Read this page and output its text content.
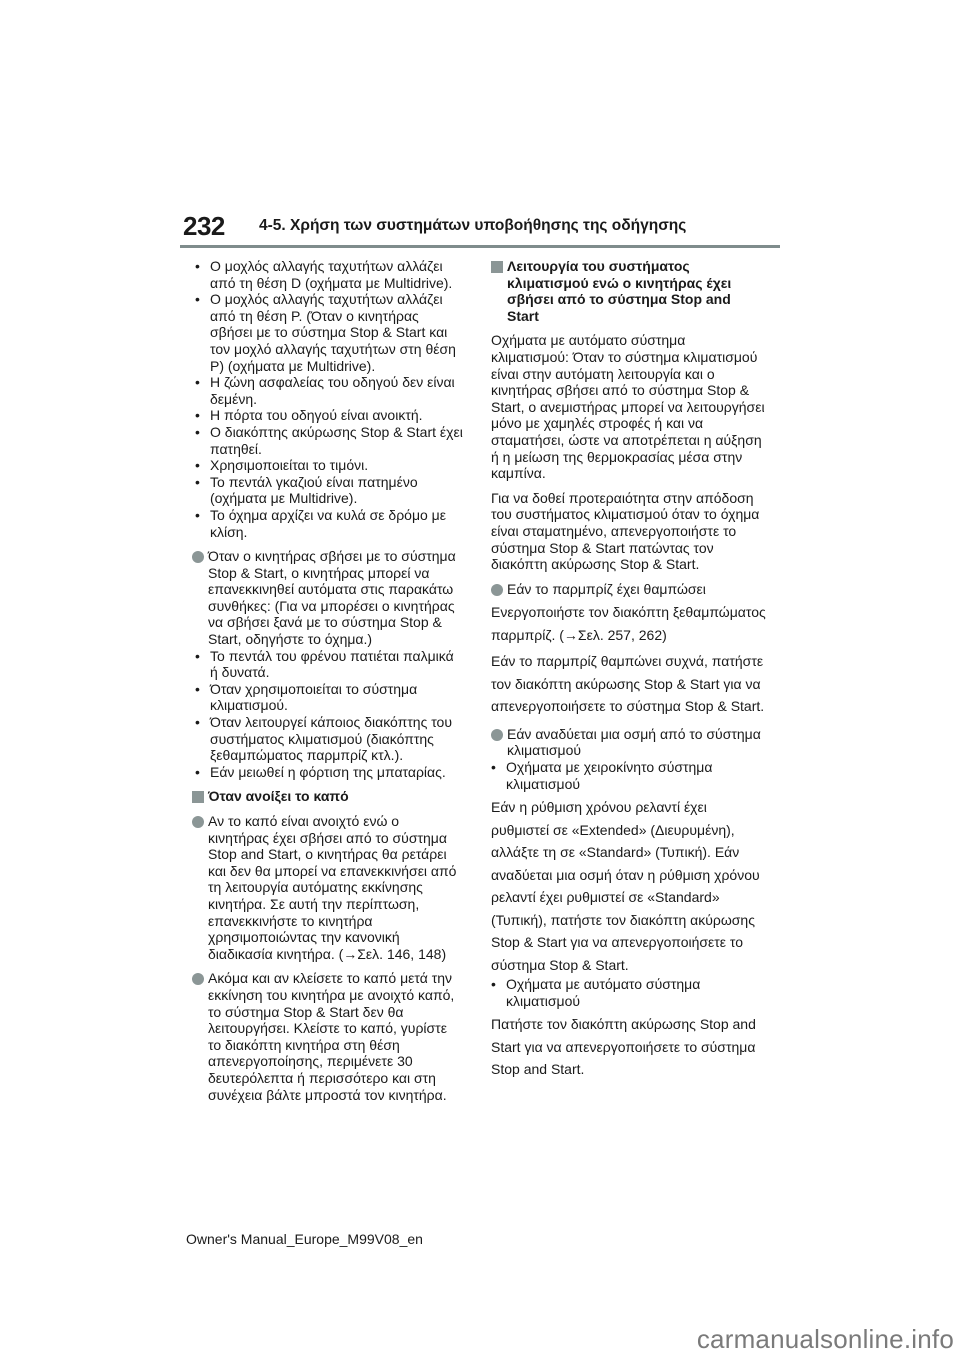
232 4-5. Χρήση των συστημάτων υποβοήθησης της οδήγησης
• Ο μοχλός αλλαγής ταχυτήτων αλλάζει από τη θέση D (οχήματα με Multidrive).
• Ο μοχλός αλλαγής ταχυτήτων αλλάζει από τη θέση P. (Όταν ο κινητήρας σβήσει με το σύστημα Stop & Start και τον μοχλό αλλαγής ταχυτήτων στη θέση P) (οχήματα με Multidrive).
• Η ζώνη ασφαλείας του οδηγού δεν είναι δεμένη.
• Η πόρτα του οδηγού είναι ανοικτή.
• Ο διακόπτης ακύρωσης Stop & Start έχει πατηθεί.
• Χρησιμοποιείται το τιμόνι.
• Το πεντάλ γκαζιού είναι πατημένο (οχήματα με Multidrive).
• Το όχημα αρχίζει να κυλά σε δρόμο με κλίση.
Όταν ο κινητήρας σβήσει με το σύστημα Stop & Start, ο κινητήρας μπορεί να επανεκκινηθεί αυτόματα στις παρακάτω συνθήκες: (Για να μπορέσει ο κινητήρας να σβήσει ξανά με το σύστημα Stop & Start, οδηγήστε το όχημα.)
• Το πεντάλ του φρένου πατιέται παλμικά ή δυνατά.
• Όταν χρησιμοποιείται το σύστημα κλιματισμού.
• Όταν λειτουργεί κάποιος διακόπτης του συστήματος κλιματισμού (διακόπτης ξεθαμπώματος παρμπρίζ κτλ.).
• Εάν μειωθεί η φόρτιση της μπαταρίας.
Όταν ανοίξει το καπό
Αν το καπό είναι ανοιχτό ενώ ο κινητήρας έχει σβήσει από το σύστημα Stop and Start, ο κινητήρας θα ρετάρει και δεν θα μπορεί να επανεκκινήσει από τη λειτουργία αυτόματης εκκίνησης κινητήρα. Σε αυτή την περίπτωση, επανεκκινήστε το κινητήρα χρησιμοποιώντας την κανονική διαδικασία κινητήρα. (→Σελ. 146, 148)
Ακόμα και αν κλείσετε το καπό μετά την εκκίνηση του κινητήρα με ανοιχτό καπό, το σύστημα Stop & Start δεν θα λειτουργήσει. Κλείστε το καπό, γυρίστε το διακόπτη κινητήρα στη θέση απενεργοποίησης, περιμένετε 30 δευτερόλεπτα ή περισσότερο και στη συνέχεια βάλτε μπροστά τον κινητήρα.
Λειτουργία του συστήματος κλιματισμού ενώ ο κινητήρας έχει σβήσει από το σύστημα Stop and Start
Οχήματα με αυτόματο σύστημα κλιματισμού: Όταν το σύστημα κλιματισμού είναι στην αυτόματη λειτουργία και ο κινητήρας σβήσει από το σύστημα Stop & Start, ο ανεμιστήρας μπορεί να λειτουργήσει μόνο με χαμηλές στροφές ή και να σταματήσει, ώστε να αποτρέπεται η αύξηση ή η μείωση της θερμοκρασίας μέσα στην καμπίνα.
Για να δοθεί προτεραιότητα στην απόδοση του συστήματος κλιματισμού όταν το όχημα είναι σταματημένο, απενεργοποιήστε το σύστημα Stop & Start πατώντας τον διακόπτη ακύρωσης Stop & Start.
Εάν το παρμπρίζ έχει θαμπώσει
Ενεργοποιήστε τον διακόπτη ξεθαμπώματος παρμπρίζ. (→Σελ. 257, 262)
Εάν το παρμπρίζ θαμπώνει συχνά, πατήστε τον διακόπτη ακύρωσης Stop & Start για να απενεργοποιήσετε το σύστημα Stop & Start.
Εάν αναδύεται μια οσμή από το σύστημα κλιματισμού
• Οχήματα με χειροκίνητο σύστημα κλιματισμού
Εάν η ρύθμιση χρόνου ρελαντί έχει ρυθμιστεί σε «Extended» (Διευρυμένη), αλλάξτε τη σε «Standard» (Τυπική). Εάν αναδύεται μια οσμή όταν η ρύθμιση χρόνου ρελαντί έχει ρυθμιστεί σε «Standard» (Τυπική), πατήστε τον διακόπτη ακύρωσης Stop & Start για να απενεργοποιήσετε το σύστημα Stop & Start.
• Οχήματα με αυτόματο σύστημα κλιματισμού
Πατήστε τον διακόπτη ακύρωσης Stop and Start για να απενεργοποιήσετε το σύστημα Stop and Start.
Owner's Manual_Europe_M99V08_en
carmanualsonline.info
